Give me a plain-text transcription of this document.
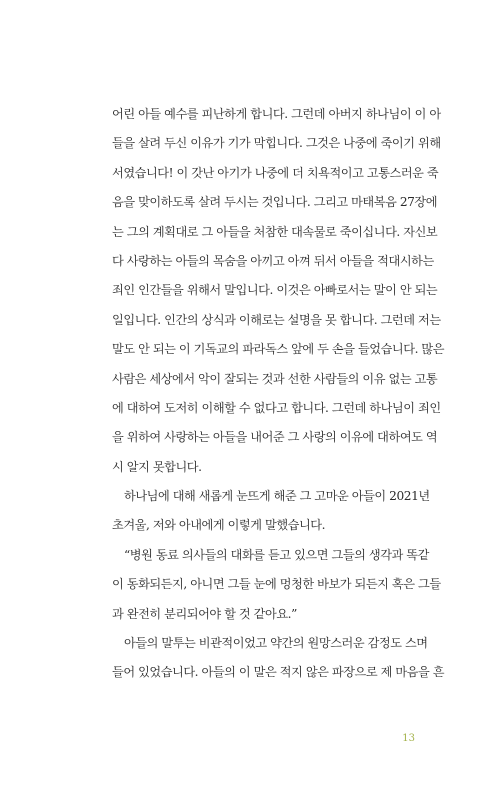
어린 아들 예수를 피난하게 합니다. 그런데 아버지 하나님이 이 아
들을 살려 두신 이유가 기가 막힙니다. 그것은 나중에 죽이기 위해
서였습니다! 이 갓난 아기가 나중에 더 치욕적이고 고통스러운 죽
음을 맞이하도록 살려 두시는 것입니다. 그리고 마태복음 27장에
는 그의 계획대로 그 아들을 처참한 대속물로 죽이십니다. 자신보
다 사랑하는 아들의 목숨을 아끼고 아껴 뒤서 아들을 적대시하는
죄인 인간들을 위해서 말입니다. 이것은 아빠로서는 말이 안 되는
일입니다. 인간의 상식과 이해로는 설명을 못 합니다. 그런데 저는
말도 안 되는 이 기독교의 파라독스 앞에 두 손을 들었습니다. 많은
사람은 세상에서 악이 잘되는 것과 선한 사람들의 이유 없는 고통
에 대하여 도저히 이해할 수 없다고 합니다. 그런데 하나님이 죄인
을 위하여 사랑하는 아들을 내어준 그 사랑의 이유에 대하여도 역
시 알지 못합니다.
하나님에 대해 새롭게 눈뜨게 해준 그 고마운 아들이 2021년
초겨울, 저와 아내에게 이렇게 말했습니다.
“병원 동료 의사들의 대화를 듣고 있으면 그들의 생각과 똑같
이 동화되든지, 아니면 그들 눈에 멍청한 바보가 되든지 혹은 그들
과 완전히 분리되어야 할 것 같아요.”
아들의 말투는 비관적이었고 약간의 원망스러운 감정도 스며
들어 있었습니다. 아들의 이 말은 적지 않은 파장으로 제 마음을 흔
13
